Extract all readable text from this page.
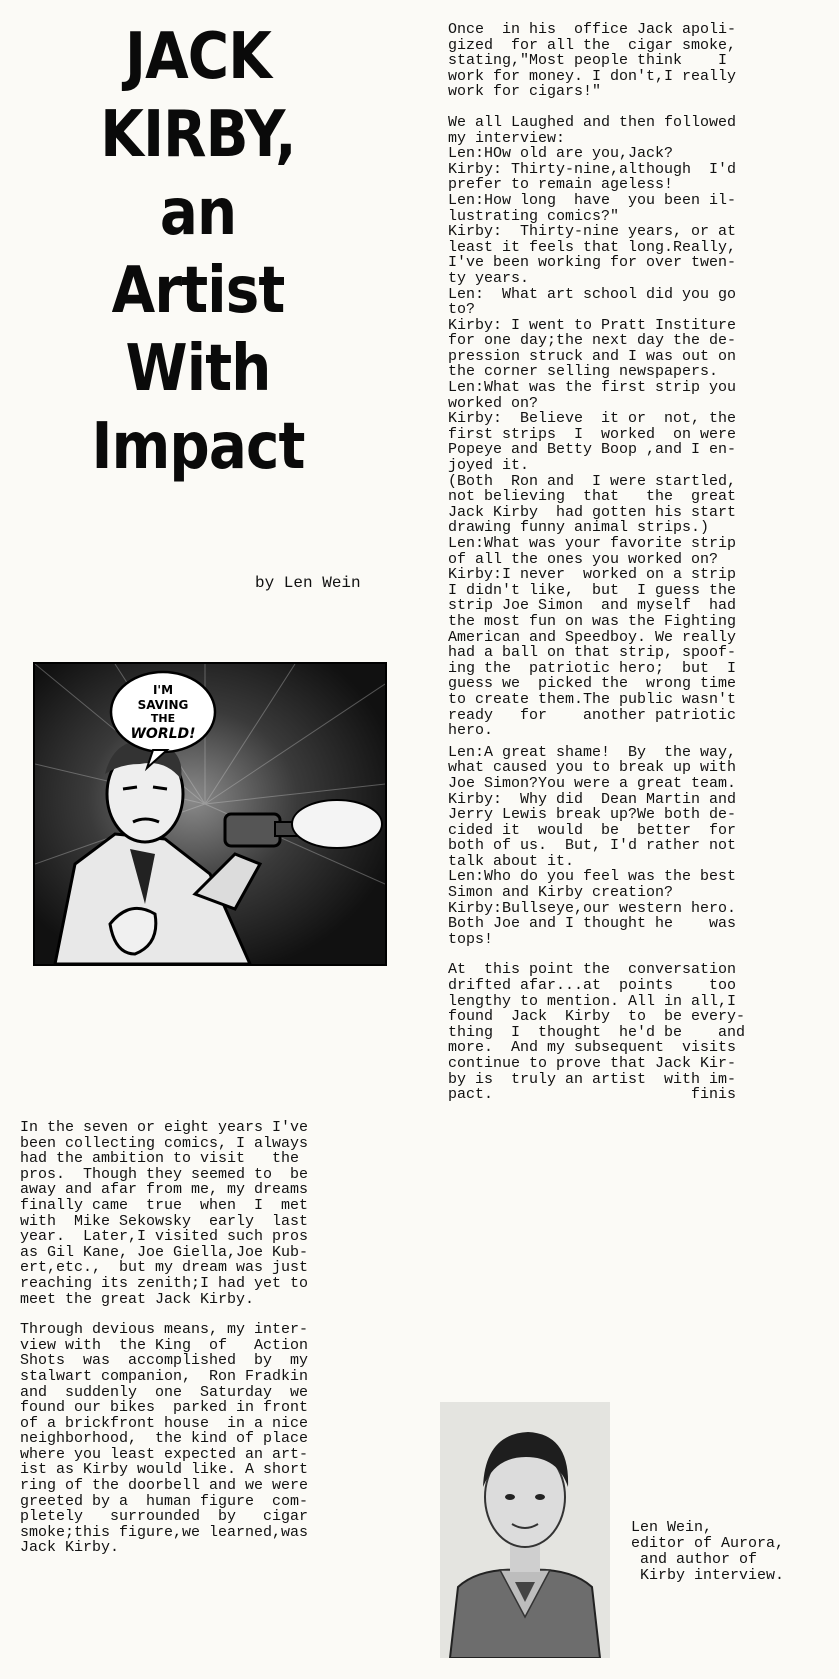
JACK
KIRBY,
an
Artist
With
Impact
by Len Wein
I'M
SAVING
THE
WORLD!
In the seven or eight years I've
been collecting comics, I always
had the ambition to visit   the
pros.  Though they seemed to  be
away and afar from me, my dreams
finally came  true  when  I  met
with  Mike Sekowsky  early  last
year.  Later,I visited such pros
as Gil Kane, Joe Giella,Joe Kub-
ert,etc.,  but my dream was just
reaching its zenith;I had yet to
meet the great Jack Kirby.
Through devious means, my inter-
view with  the King  of   Action
Shots  was  accomplished  by  my
stalwart companion,  Ron Fradkin
and  suddenly  one  Saturday  we
found our bikes  parked in front
of a brickfront house  in a nice
neighborhood,  the kind of place
where you least expected an art-
ist as Kirby would like. A short
ring of the doorbell and we were
greeted by a  human figure  com-
pletely   surrounded  by   cigar
smoke;this figure,we learned,was
Jack Kirby.
Once  in his  office Jack apoli-
gized  for all the  cigar smoke,
stating,"Most people think    I
work for money. I don't,I really
work for cigars!"
We all Laughed and then followed
my interview:
Len:HOw old are you,Jack?
Kirby: Thirty-nine,although  I'd
prefer to remain ageless!
Len:How long  have  you been il-
lustrating comics?"
Kirby:  Thirty-nine years, or at
least it feels that long.Really,
I've been working for over twen-
ty years.
Len:  What art school did you go
to?
Kirby: I went to Pratt Institure
for one day;the next day the de-
pression struck and I was out on
the corner selling newspapers.
Len:What was the first strip you
worked on?
Kirby:  Believe  it or  not, the
first strips  I  worked  on were
Popeye and Betty Boop ,and I en-
joyed it.
(Both  Ron and  I were startled,
not believing  that   the  great
Jack Kirby  had gotten his start
drawing funny animal strips.)
Len:What was your favorite strip
of all the ones you worked on?
Kirby:I never  worked on a strip
I didn't like,  but  I guess the
strip Joe Simon  and myself  had
the most fun on was the Fighting
American and Speedboy. We really
had a ball on that strip, spoof-
ing the  patriotic hero;  but  I
guess we  picked the  wrong time
to create them.The public wasn't
ready   for    another patriotic
hero.
Len:A great shame!  By  the way,
what caused you to break up with
Joe Simon?You were a great team.
Kirby:  Why did  Dean Martin and
Jerry Lewis break up?We both de-
cided it  would  be  better  for
both of us.  But, I'd rather not
talk about it.
Len:Who do you feel was the best
Simon and Kirby creation?
Kirby:Bullseye,our western hero.
Both Joe and I thought he    was
tops!
At  this point the  conversation
drifted afar...at  points    too
lengthy to mention. All in all,I
found  Jack  Kirby  to  be every-
thing  I  thought  he'd be    and
more.  And my subsequent  visits
continue to prove that Jack Kir-
by is  truly an artist  with im-
pact.                      finis
Len Wein,
editor of Aurora,
and author of
Kirby interview.
